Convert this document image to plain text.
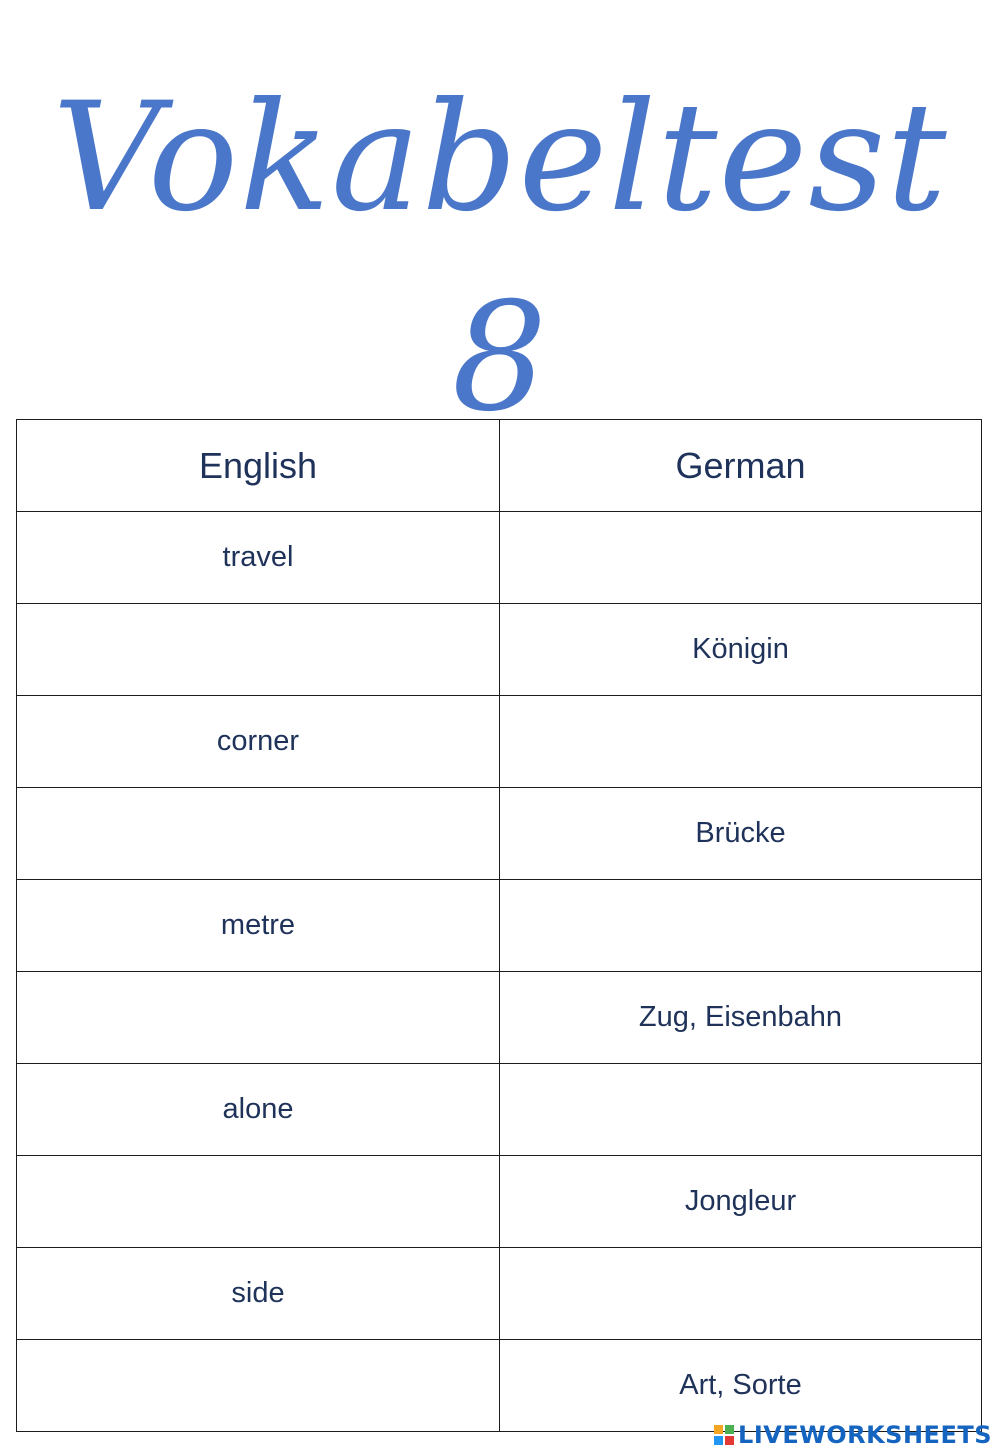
Vokabeltest 8
English	German
travel	
	Königin
corner	
	Brücke
metre	
	Zug, Eisenbahn
alone	
	Jongleur
side	
	Art, Sorte
LIVEWORKSHEETS
